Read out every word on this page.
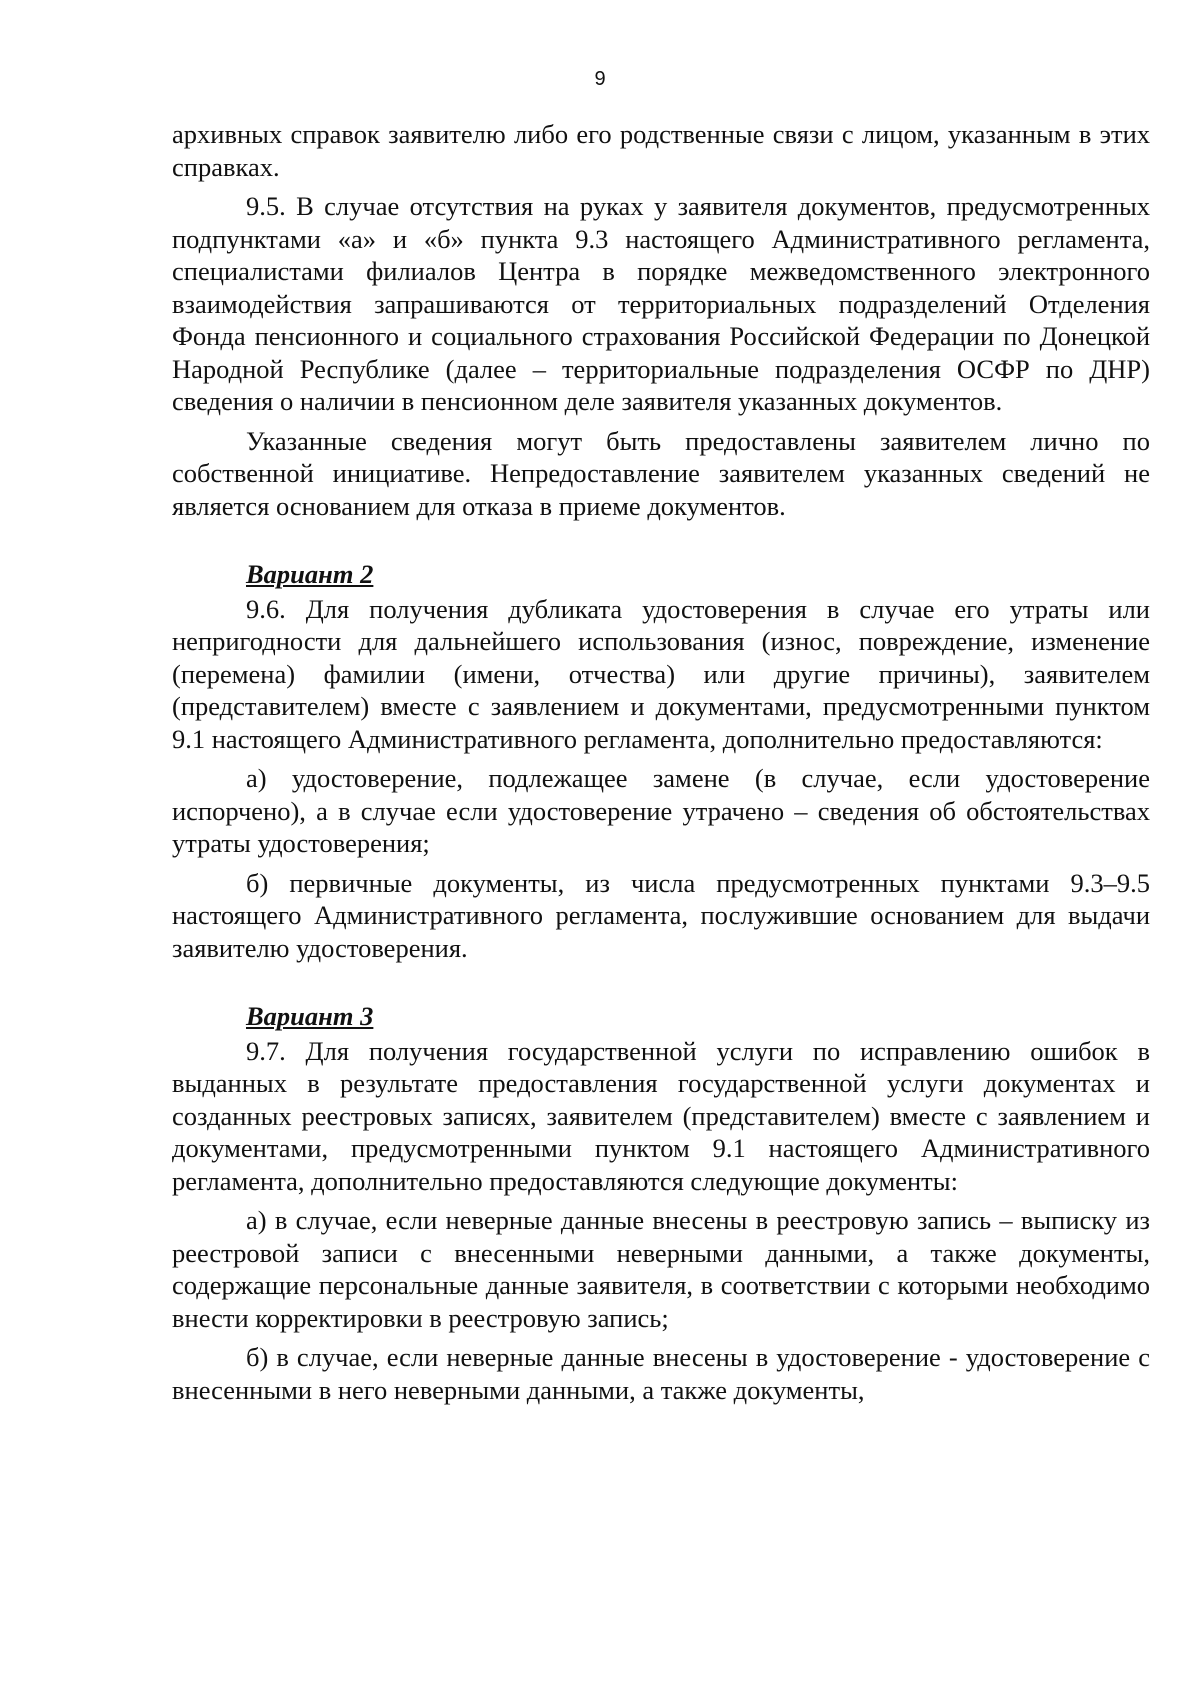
9

архивных справок заявителю либо его родственные связи с лицом, указанным в этих справках.

9.5. В случае отсутствия на руках у заявителя документов, предусмотренных подпунктами «а» и «б» пункта 9.3 настоящего Административного регламента, специалистами филиалов Центра в порядке межведомственного электронного взаимодействия запрашиваются от территориальных подразделений Отделения Фонда пенсионного и социального страхования Российской Федерации по Донецкой Народной Республике (далее – территориальные подразделения ОСФР по ДНР) сведения о наличии в пенсионном деле заявителя указанных документов.

Указанные сведения могут быть предоставлены заявителем лично по собственной инициативе. Непредоставление заявителем указанных сведений не является основанием для отказа в приеме документов.

Вариант 2

9.6. Для получения дубликата удостоверения в случае его утраты или непригодности для дальнейшего использования (износ, повреждение, изменение (перемена) фамилии (имени, отчества) или другие причины), заявителем (представителем) вместе с заявлением и документами, предусмотренными пунктом 9.1 настоящего Административного регламента, дополнительно предоставляются:

а) удостоверение, подлежащее замене (в случае, если удостоверение испорчено), а в случае если удостоверение утрачено – сведения об обстоятельствах утраты удостоверения;

б) первичные документы, из числа предусмотренных пунктами 9.3–9.5 настоящего Административного регламента, послужившие основанием для выдачи заявителю удостоверения.

Вариант 3

9.7. Для получения государственной услуги по исправлению ошибок в выданных в результате предоставления государственной услуги документах и созданных реестровых записях, заявителем (представителем) вместе с заявлением и документами, предусмотренными пунктом 9.1 настоящего Административного регламента, дополнительно предоставляются следующие документы:

а) в случае, если неверные данные внесены в реестровую запись – выписку из реестровой записи с внесенными неверными данными, а также документы, содержащие персональные данные заявителя, в соответствии с которыми необходимо внести корректировки в реестровую запись;

б) в случае, если неверные данные внесены в удостоверение - удостоверение с внесенными в него неверными данными, а также документы,
